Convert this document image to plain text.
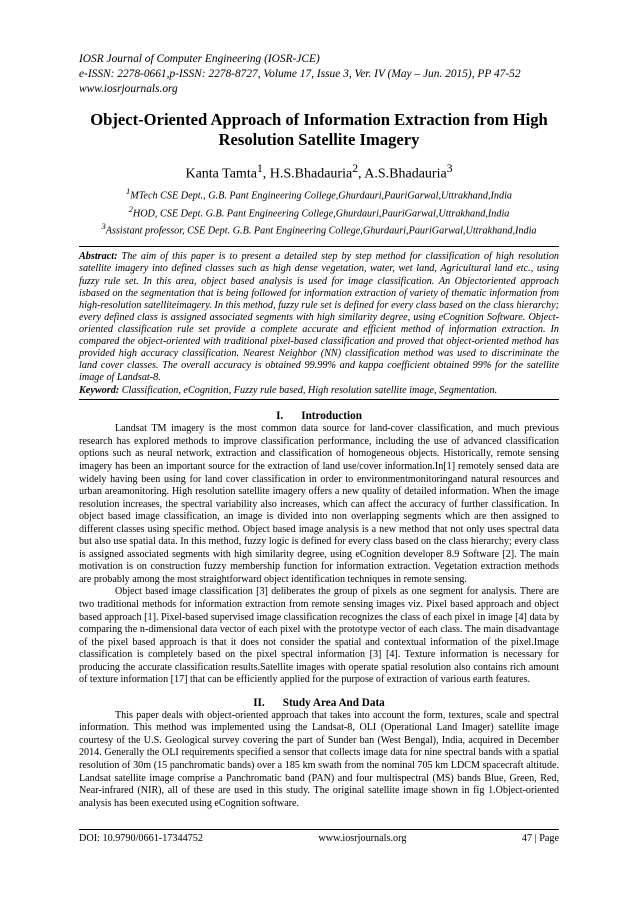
IOSR Journal of Computer Engineering (IOSR-JCE)

e-ISSN: 2278-0661,p-ISSN: 2278-8727, Volume 17, Issue 3, Ver. IV (May – Jun. 2015), PP 47-52

www.iosrjournals.org

Object-Oriented Approach of Information Extraction from High
Resolution Satellite Imagery

Kanta Tamta$^1$, H.S.Bhadauria$^2$, A.S.Bhadauria$^3$

$^1$MTech CSE Dept., G.B. Pant Engineering College,Ghurdauri,PauriGarwal,Uttrakhand,India

$^2$HOD, CSE Dept. G.B. Pant Engineering College,Ghurdauri,PauriGarwal,Uttrakhand,India

$^3$Assistant professor, CSE Dept. G.B. Pant Engineering College,Ghurdauri,PauriGarwal,Uttrakhand,India

Abstract: The aim of this paper is to present a detailed step by step method for classification of high resolution satellite imagery into defined classes such as high dense vegetation, water, wet land, Agricultural land etc., using fuzzy rule set. In this area, object based analysis is used for image classification. An Objectoriented approach isbased on the segmentation that is being followed for information extraction of variety of thematic information from high-resolution satelliteimagery. In this method, fuzzy rule set is defined for every class based on the class hierarchy; every defined class is assigned associated segments with high similarity degree, using eCognition Software. Object-oriented classification rule set provide a complete accurate and efficient method of information extraction. In compared the object-oriented with traditional pixel-based classification and proved that object-oriented method has provided high accuracy classification. Nearest Neighbor (NN) classification method was used to discriminate the land cover classes. The overall accuracy is obtained 99.99% and kappa coefficient obtained 99% for the satellite image of Landsat-8.

Keyword: Classification, eCognition, Fuzzy rule based, High resolution satellite image, Segmentation.

I. Introduction

Landsat TM imagery is the most common data source for land-cover classification, and much previous research has explored methods to improve classification performance, including the use of advanced classification options such as neural network, extraction and classification of homogeneous objects. Historically, remote sensing imagery has been an important source for the extraction of land use/cover information.In[1] remotely sensed data are widely having been using for land cover classification in order to environmentmonitoringand natural resources and urban areamonitoring. High resolution satellite imagery offers a new quality of detailed information. When the image resolution increases, the spectral variability also increases, which can affect the accuracy of further classification. In object based image classification, an image is divided into non overlapping segments which are then assigned to different classes using specific method. Object based image analysis is a new method that not only uses spectral data but also use spatial data. In this method, fuzzy logic is defined for every class based on the class hierarchy; every class is assigned associated segments with high similarity degree, using eCognition developer 8.9 Software [2]. The main motivation is on construction fuzzy membership function for information extraction. Vegetation extraction methods are probably among the most straightforward object identification techniques in remote sensing.

Object based image classification [3] deliberates the group of pixels as one segment for analysis. There are two traditional methods for information extraction from remote sensing images viz. Pixel based approach and object based approach [1]. Pixel-based supervised image classification recognizes the class of each pixel in image [4] data by comparing the n-dimensional data vector of each pixel with the prototype vector of each class. The main disadvantage of the pixel based approach is that it does not consider the spatial and contextual information of the pixel.Image classification is completely based on the pixel spectral information [3] [4]. Texture information is necessary for producing the accurate classification results.Satellite images with operate spatial resolution also contains rich amount of texture information [17] that can be efficiently applied for the purpose of extraction of various earth features.

II. Study Area And Data

This paper deals with object-oriented approach that takes into account the form, textures, scale and spectral information. This method was implemented using the Landsat-8, OLI (Operational Land Imager) satellite image courtesy of the U.S. Geological survey covering the part of Sunder ban (West Bengal), India, acquired in December 2014. Generally the OLI requirements specified a sensor that collects image data for nine spectral bands with a spatial resolution of 30m (15 panchromatic bands) over a 185 km swath from the nominal 705 km LDCM spacecraft altitude. Landsat satellite image comprise a Panchromatic band (PAN) and four multispectral (MS) bands Blue, Green, Red, Near-infrared (NIR), all of these are used in this study. The original satellite image shown in fig 1.Object-oriented analysis has been executed using eCognition software.

DOI: 10.9790/0661-17344752	www.iosrjournals.org	47 | Page
